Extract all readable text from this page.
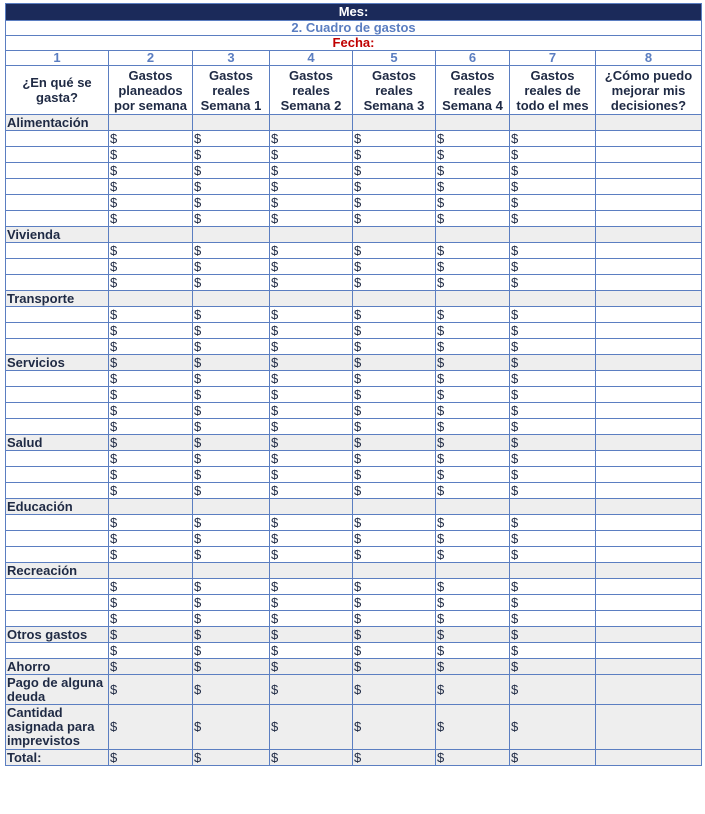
Mes:							
2. Cuadro de gastos							
Fecha:							
1	2	3	4	5	6	7	8
¿En qué se gasta?	Gastos planeados por semana	Gastos reales Semana 1	Gastos reales Semana 2	Gastos reales Semana 3	Gastos reales Semana 4	Gastos reales de todo el mes	¿Cómo puedo mejorar mis decisiones?
Alimentación							
	$	$	$	$	$	$	
	$	$	$	$	$	$	
	$	$	$	$	$	$	
	$	$	$	$	$	$	
	$	$	$	$	$	$	
	$	$	$	$	$	$	
Vivienda							
	$	$	$	$	$	$	
	$	$	$	$	$	$	
	$	$	$	$	$	$	
Transporte							
	$	$	$	$	$	$	
	$	$	$	$	$	$	
	$	$	$	$	$	$	
Servicios	$	$	$	$	$	$	
	$	$	$	$	$	$	
	$	$	$	$	$	$	
	$	$	$	$	$	$	
	$	$	$	$	$	$	
Salud	$	$	$	$	$	$	
	$	$	$	$	$	$	
	$	$	$	$	$	$	
	$	$	$	$	$	$	
Educación							
	$	$	$	$	$	$	
	$	$	$	$	$	$	
	$	$	$	$	$	$	
Recreación							
	$	$	$	$	$	$	
	$	$	$	$	$	$	
	$	$	$	$	$	$	
Otros gastos	$	$	$	$	$	$	
	$	$	$	$	$	$	
Ahorro	$	$	$	$	$	$	
Pago de alguna deuda	$	$	$	$	$	$	
Cantidad asignada para imprevistos	$	$	$	$	$	$	
Total:	$	$	$	$	$	$	
